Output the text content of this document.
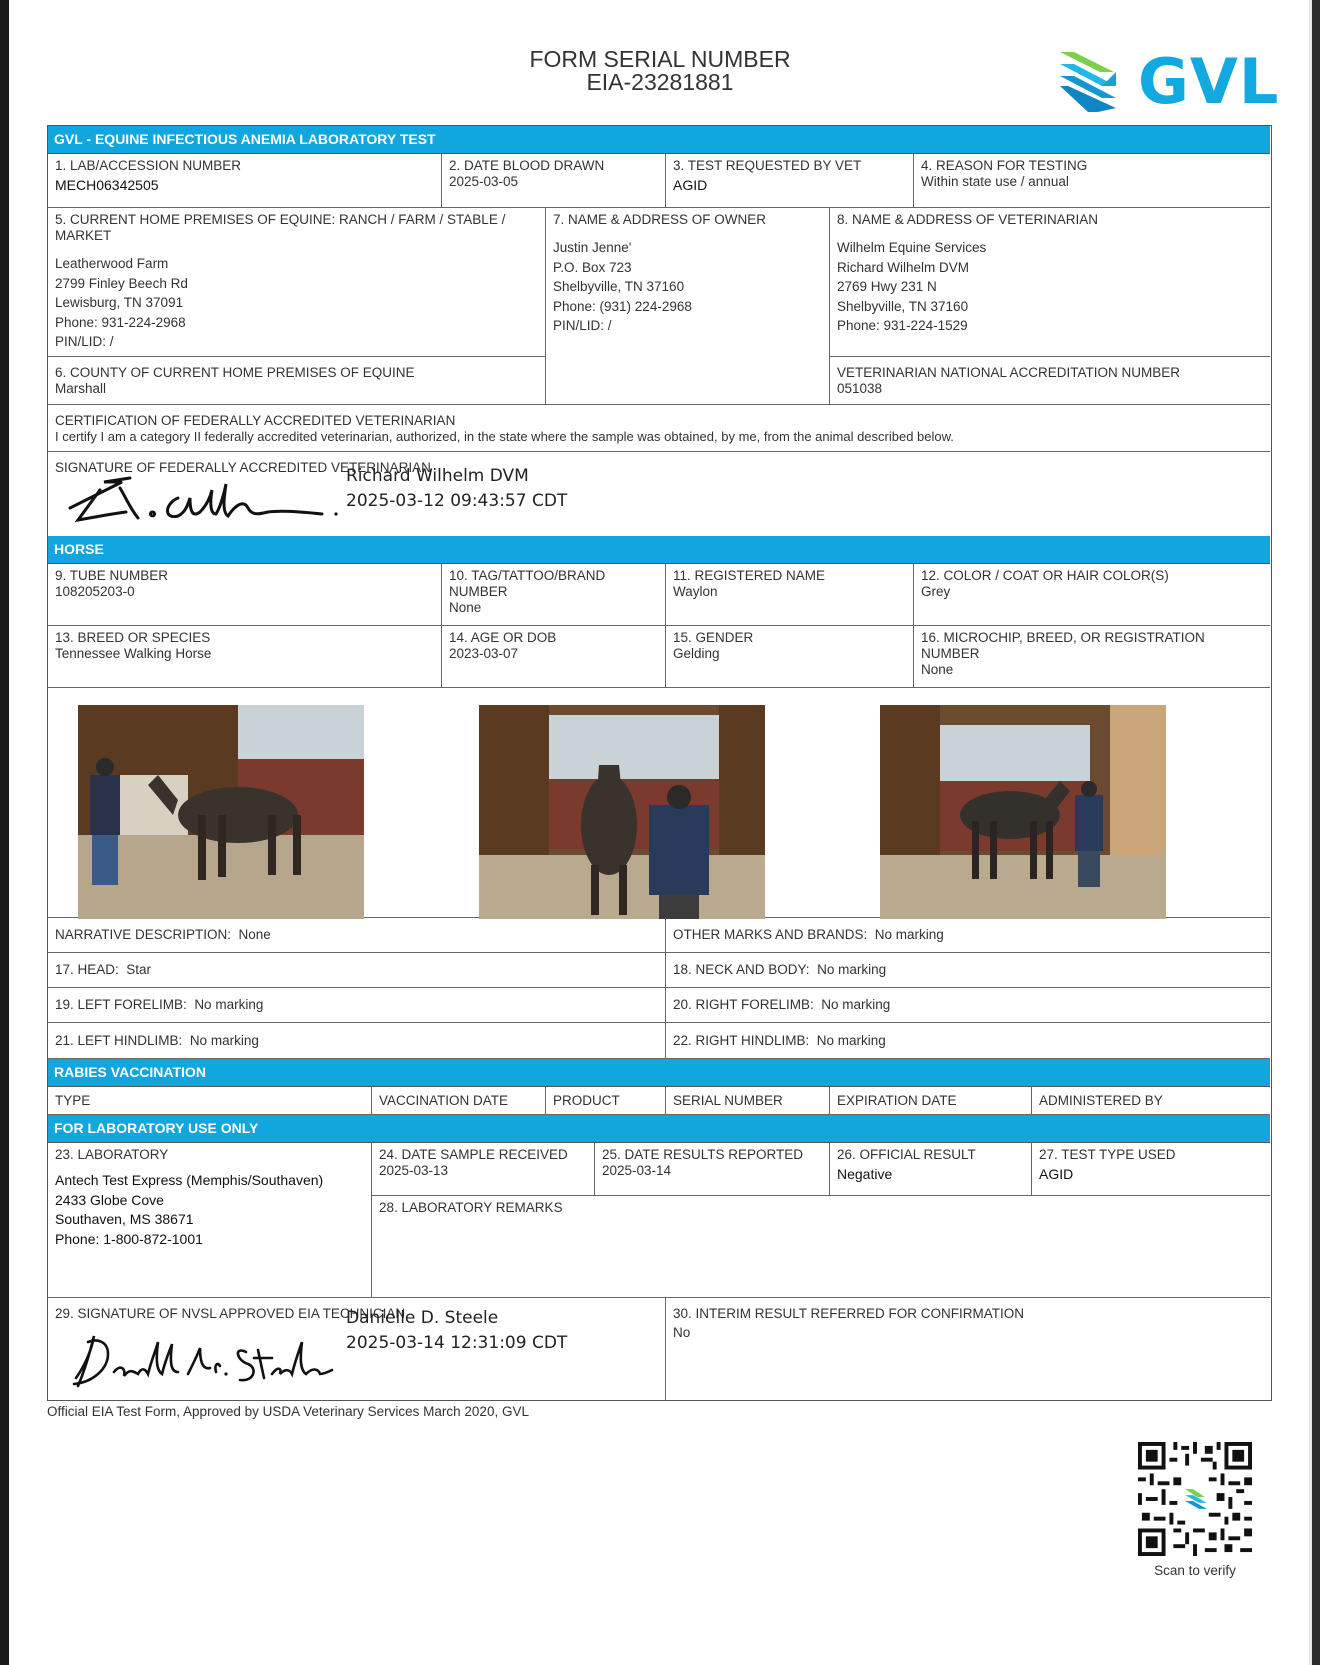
FORM SERIAL NUMBER
EIA-23281881	GVL
GVL - EQUINE INFECTIOUS ANEMIA LABORATORY TEST
1. LAB/ACCESSION NUMBER
MECH06342505
2. DATE BLOOD DRAWN
2025-03-05
3. TEST REQUESTED BY VET
AGID
4. REASON FOR TESTING
Within state use / annual
5. CURRENT HOME PREMISES OF EQUINE: RANCH / FARM / STABLE / MARKET
Leatherwood Farm
2799 Finley Beech Rd
Lewisburg, TN 37091
Phone: 931-224-2968
PIN/LID: /
7. NAME & ADDRESS OF OWNER
Justin Jenne'
P.O. Box 723
Shelbyville, TN 37160
Phone: (931) 224-2968
PIN/LID: /
8. NAME & ADDRESS OF VETERINARIAN
Wilhelm Equine Services
Richard Wilhelm DVM
2769 Hwy 231 N
Shelbyville, TN 37160
Phone: 931-224-1529
6. COUNTY OF CURRENT HOME PREMISES OF EQUINE
Marshall
VETERINARIAN NATIONAL ACCREDITATION NUMBER
051038
CERTIFICATION OF FEDERALLY ACCREDITED VETERINARIAN
I certify I am a category II federally accredited veterinarian, authorized, in the state where the sample was obtained, by me, from the animal described below.
SIGNATURE OF FEDERALLY ACCREDITED VETERINARIAN
Richard Wilhelm DVM
2025-03-12 09:43:57 CDT
HORSE
9. TUBE NUMBER
108205203-0
10. TAG/TATTOO/BRAND NUMBER
None
11. REGISTERED NAME
Waylon
12. COLOR / COAT OR HAIR COLOR(S)
Grey
13. BREED OR SPECIES
Tennessee Walking Horse
14. AGE OR DOB
2023-03-07
15. GENDER
Gelding
16. MICROCHIP, BREED, OR REGISTRATION NUMBER
None
NARRATIVE DESCRIPTION: None	OTHER MARKS AND BRANDS: No marking
17. HEAD: Star	18. NECK AND BODY: No marking
19. LEFT FORELIMB: No marking	20. RIGHT FORELIMB: No marking
21. LEFT HINDLIMB: No marking	22. RIGHT HINDLIMB: No marking
RABIES VACCINATION
TYPE	VACCINATION DATE	PRODUCT	SERIAL NUMBER	EXPIRATION DATE	ADMINISTERED BY
FOR LABORATORY USE ONLY
23. LABORATORY
Antech Test Express (Memphis/Southaven)
2433 Globe Cove
Southaven, MS 38671
Phone: 1-800-872-1001
24. DATE SAMPLE RECEIVED
2025-03-13
25. DATE RESULTS REPORTED
2025-03-14
26. OFFICIAL RESULT
Negative
27. TEST TYPE USED
AGID
28. LABORATORY REMARKS
29. SIGNATURE OF NVSL APPROVED EIA TECHNICIAN
Danielle D. Steele
2025-03-14 12:31:09 CDT
30. INTERIM RESULT REFERRED FOR CONFIRMATION
No
Official EIA Test Form, Approved by USDA Veterinary Services March 2020, GVL
Scan to verify
